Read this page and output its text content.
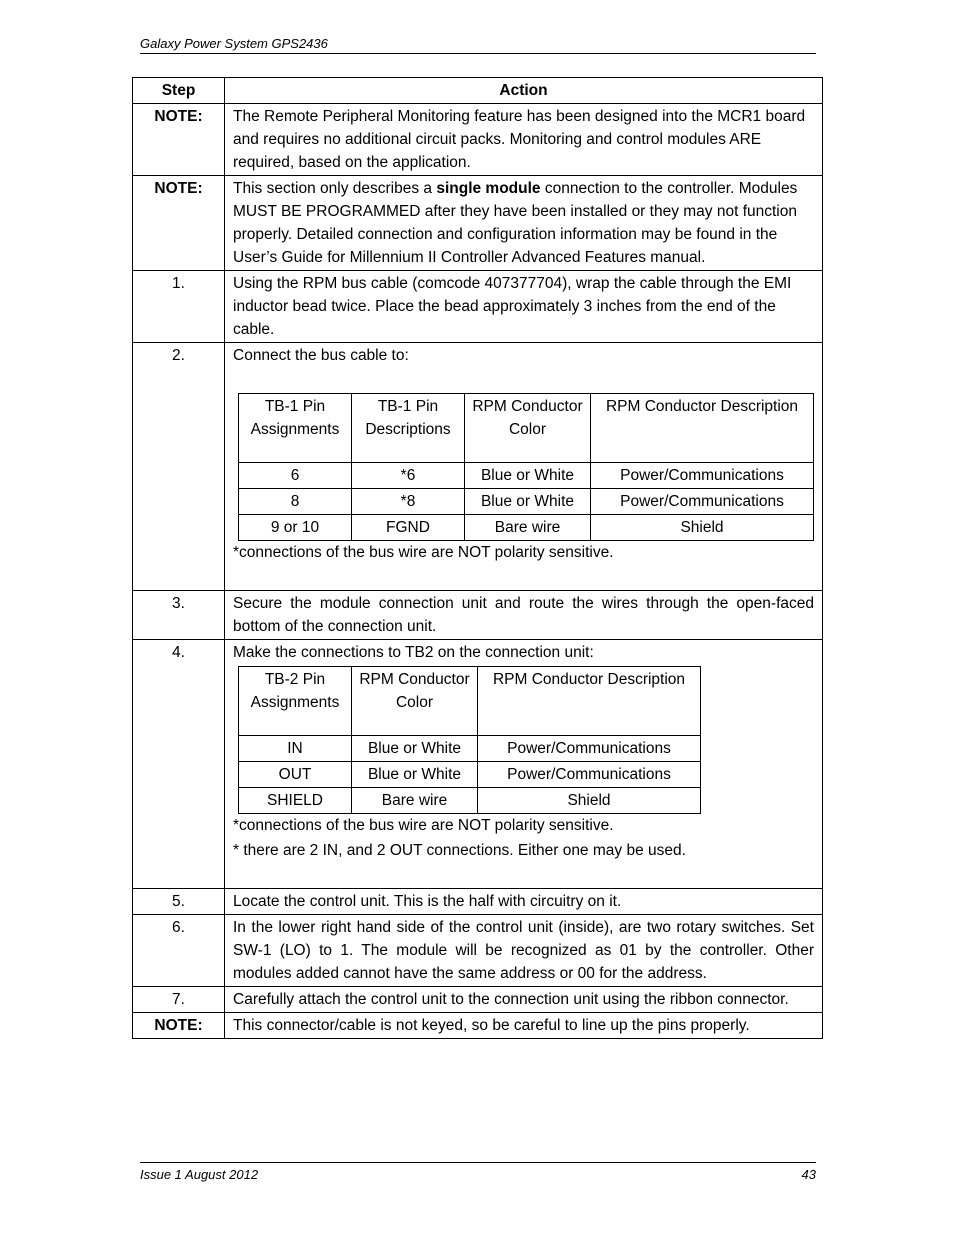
Galaxy Power System GPS2436
Step	Action
NOTE:	The Remote Peripheral Monitoring feature has been designed into the MCR1 board and requires no additional circuit packs. Monitoring and control modules ARE required, based on the application.
NOTE:	This section only describes a single module connection to the controller. Modules MUST BE PROGRAMMED after they have been installed or they may not function properly. Detailed connection and configuration information may be found in the User’s Guide for Millennium II Controller Advanced Features manual.
1.	Using the RPM bus cable (comcode 407377704), wrap the cable through the EMI inductor bead twice. Place the bead approximately 3 inches from the end of the cable.
2.	Connect the bus cable to:
TB-1 Pin Assignments	TB-1 Pin Descriptions	RPM Conductor Color	RPM Conductor Description
6	*6	Blue or White	Power/Communications
8	*8	Blue or White	Power/Communications
9 or 10	FGND	Bare wire	Shield

*connections of the bus wire are NOT polarity sensitive.

3.	Secure the module connection unit and route the wires through the open-faced bottom of the connection unit.
4.	Make the connections to TB2 on the connection unit:
TB-2 Pin Assignments	RPM Conductor Color	RPM Conductor Description
IN	Blue or White	Power/Communications
OUT	Blue or White	Power/Communications
SHIELD	Bare wire	Shield

*connections of the bus wire are NOT polarity sensitive.

* there are 2 IN, and 2 OUT connections. Either one may be used.

5.	Locate the control unit. This is the half with circuitry on it.
6.	In the lower right hand side of the control unit (inside), are two rotary switches. Set SW-1 (LO) to 1. The module will be recognized as 01 by the controller. Other modules added cannot have the same address or 00 for the address.
7.	Carefully attach the control unit to the connection unit using the ribbon connector.
NOTE:	This connector/cable is not keyed, so be careful to line up the pins properly.
Issue 1 August 2012	43
